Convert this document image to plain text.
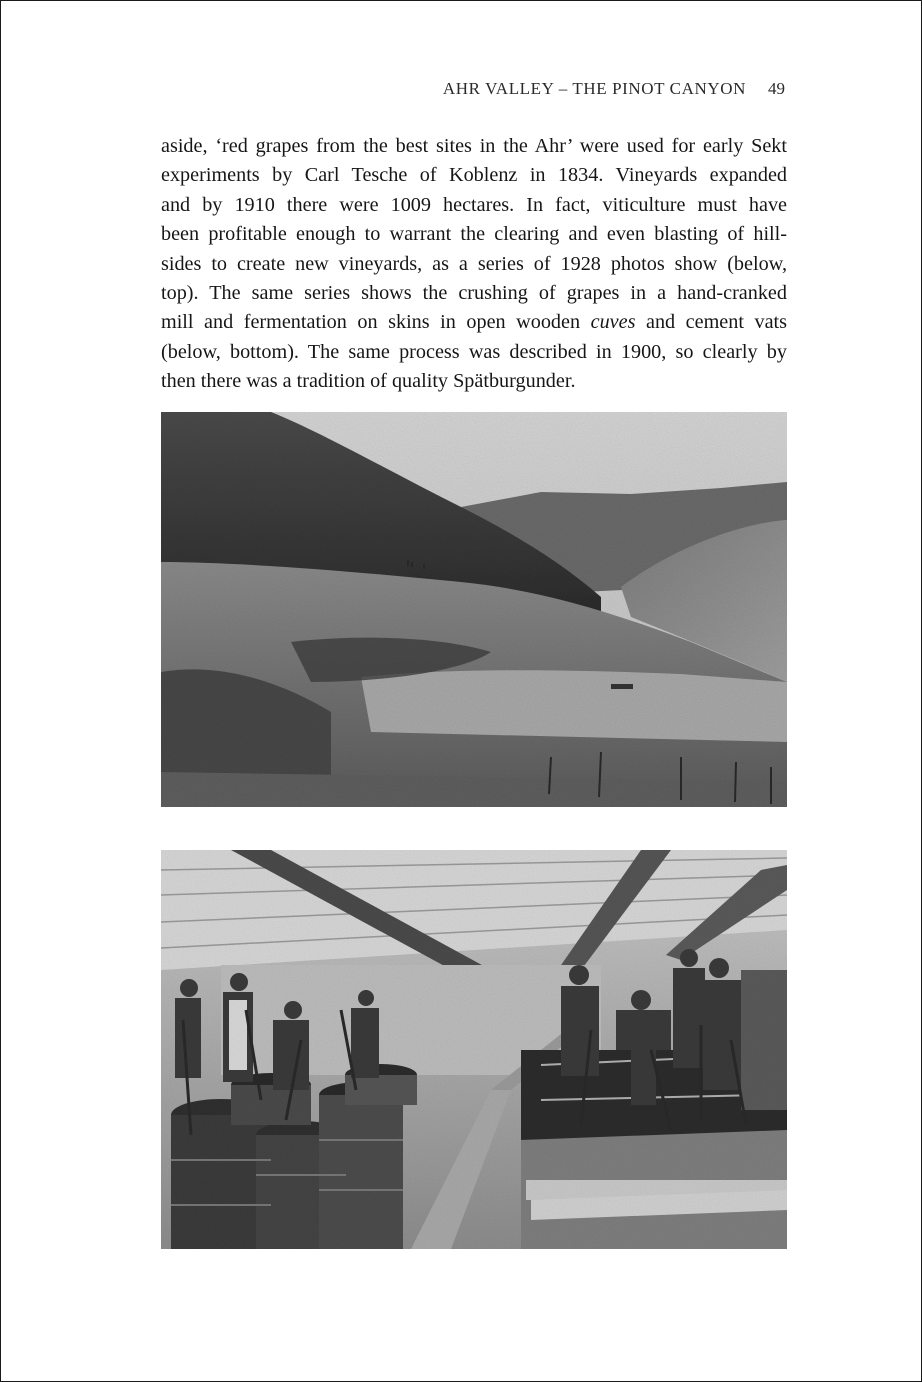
AHR VALLEY – THE PINOT CANYON 49
aside, ‘red grapes from the best sites in the Ahr’ were used for early Sekt
experiments by Carl Tesche of Koblenz in 1834. Vineyards expanded
and by 1910 there were 1009 hectares. In fact, viticulture must have
been profitable enough to warrant the clearing and even blasting of hill-
sides to create new vineyards, as a series of 1928 photos show (below,
top). The same series shows the crushing of grapes in a hand-cranked
mill and fermentation on skins in open wooden cuves and cement vats
(below, bottom). The same process was described in 1900, so clearly by
then there was a tradition of quality Spätburgunder.
